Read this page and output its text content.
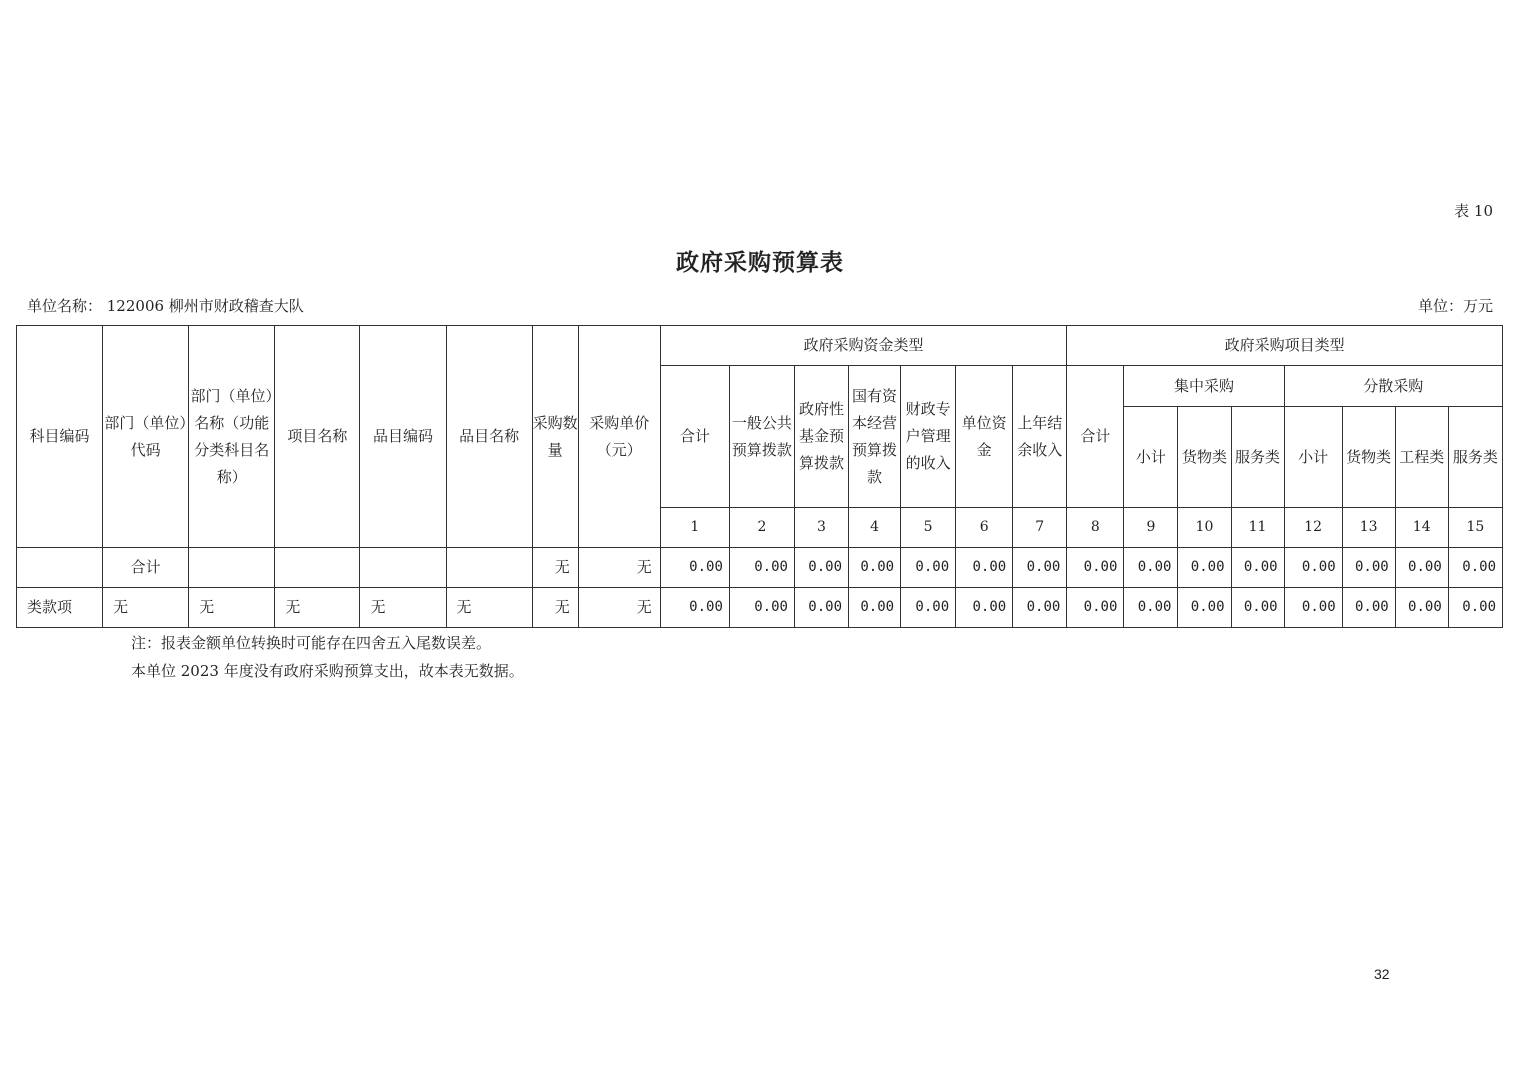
表 10
政府采购预算表
单位名称： 122006 柳州市财政稽查大队	单位：万元
科目编码	部门（单位）代码	部门（单位）名称（功能分类科目名称）	项目名称	品目编码	品目名称	采购数量	采购单价（元）	政府采购资金类型							政府采购项目类型							
								合计	一般公共预算拨款	政府性基金预算拨款	国有资本经营预算拨款	财政专户管理的收入	单位资金	上年结余收入	合计	集中采购			分散采购			
																小计	货物类	服务类	小计	货物类	工程类	服务类
								1	2	3	4	5	6	7	8	9	10	11	12	13	14	15
	合计					无	无	0.00	0.00	0.00	0.00	0.00	0.00	0.00	0.00	0.00	0.00	0.00	0.00	0.00	0.00	0.00
类款项	无	无	无	无	无	无	无	0.00	0.00	0.00	0.00	0.00	0.00	0.00	0.00	0.00	0.00	0.00	0.00	0.00	0.00	0.00
注：报表金额单位转换时可能存在四舍五入尾数误差。
本单位 2023 年度没有政府采购预算支出，故本表无数据。
32
